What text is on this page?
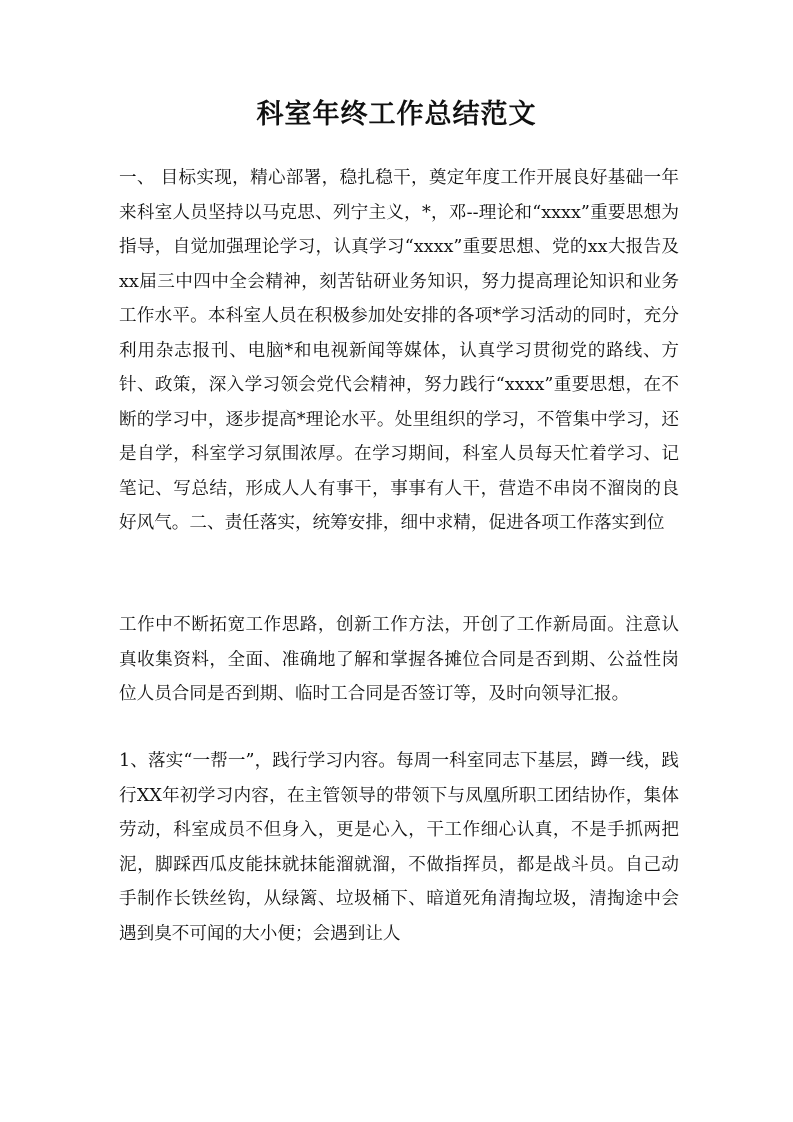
科室年终工作总结范文

一、 目标实现，精心部署，稳扎稳干，奠定年度工作开展良好基础一年来科室人员坚持以马克思、列宁主义，*，邓--理论和“xxxx”重要思想为指导，自觉加强理论学习，认真学习“xxxx”重要思想、党的xx大报告及xx届三中四中全会精神，刻苦钻研业务知识，努力提高理论知识和业务工作水平。本科室人员在积极参加处安排的各项*学习活动的同时，充分利用杂志报刊、电脑*和电视新闻等媒体，认真学习贯彻党的路线、方针、政策，深入学习领会党代会精神，努力践行“xxxx”重要思想，在不断的学习中，逐步提高*理论水平。处里组织的学习，不管集中学习，还是自学，科室学习氛围浓厚。在学习期间，科室人员每天忙着学习、记笔记、写总结，形成人人有事干，事事有人干，营造不串岗不溜岗的良好风气。二、责任落实，统筹安排，细中求精，促进各项工作落实到位

工作中不断拓宽工作思路，创新工作方法，开创了工作新局面。注意认真收集资料，全面、准确地了解和掌握各摊位合同是否到期、公益性岗位人员合同是否到期、临时工合同是否签订等，及时向领导汇报。

1、落实“一帮一”，践行学习内容。每周一科室同志下基层，蹲一线，践行XX年初学习内容，在主管领导的带领下与凤凰所职工团结协作，集体劳动，科室成员不但身入，更是心入，干工作细心认真，不是手抓两把泥，脚踩西瓜皮能抹就抹能溜就溜，不做指挥员，都是战斗员。自己动手制作长铁丝钩，从绿篱、垃圾桶下、暗道死角清掏垃圾，清掏途中会遇到臭不可闻的大小便；会遇到让人
